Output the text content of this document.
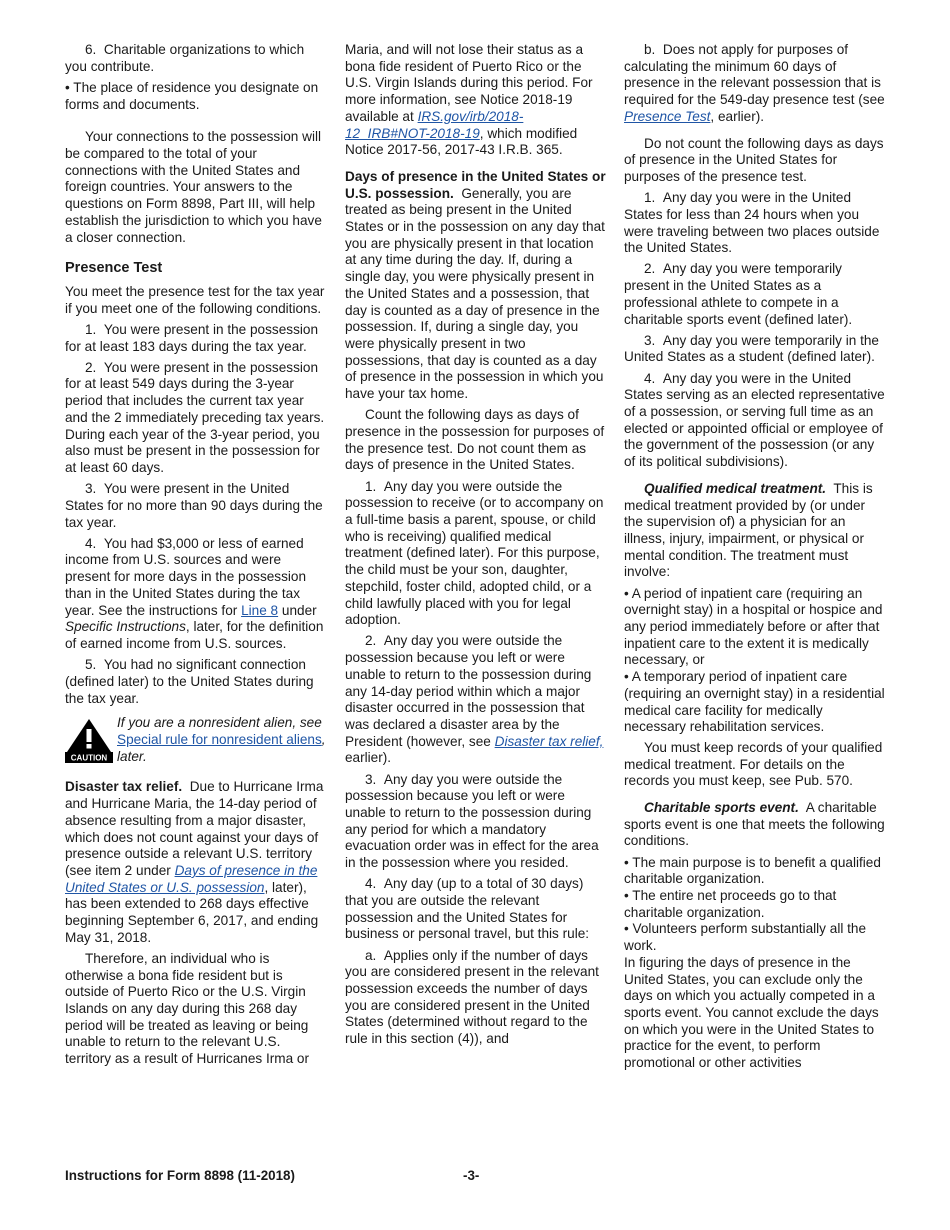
6.  Charitable organizations to which you contribute.

• The place of residence you designate on forms and documents.

Your connections to the possession will be compared to the total of your connections with the United States and foreign countries. Your answers to the questions on Form 8898, Part III, will help establish the jurisdiction to which you have a closer connection.

Presence Test

You meet the presence test for the tax year if you meet one of the following conditions.

1.  You were present in the possession for at least 183 days during the tax year.

2.  You were present in the possession for at least 549 days during the 3-year period that includes the current tax year and the 2 immediately preceding tax years. During each year of the 3-year period, you also must be present in the possession for at least 60 days.

3.  You were present in the United States for no more than 90 days during the tax year.

4.  You had $3,000 or less of earned income from U.S. sources and were present for more days in the possession than in the United States during the tax year. See the instructions for Line 8 under Specific Instructions, later, for the definition of earned income from U.S. sources.

5.  You had no significant connection (defined later) to the United States during the tax year.

CAUTION
If you are a nonresident alien, see Special rule for nonresident aliens, later.

Disaster tax relief. Due to Hurricane Irma and Hurricane Maria, the 14-day period of absence resulting from a major disaster, which does not count against your days of presence outside a relevant U.S. territory (see item 2 under Days of presence in the United States or U.S. possession, later), has been extended to 268 days effective beginning September 6, 2017, and ending May 31, 2018.

Therefore, an individual who is otherwise a bona fide resident but is outside of Puerto Rico or the U.S. Virgin Islands on any day during this 268 day period will be treated as leaving or being unable to return to the relevant U.S. territory as a result of Hurricanes Irma or

Maria, and will not lose their status as a bona fide resident of Puerto Rico or the U.S. Virgin Islands during this period. For more information, see Notice 2018-19 available at IRS.gov/irb/2018-12_IRB#NOT-2018-19, which modified Notice 2017-56, 2017-43 I.R.B. 365.

Days of presence in the United States or U.S. possession. Generally, you are treated as being present in the United States or in the possession on any day that you are physically present in that location at any time during the day. If, during a single day, you were physically present in the United States and a possession, that day is counted as a day of presence in the possession. If, during a single day, you were physically present in two possessions, that day is counted as a day of presence in the possession in which you have your tax home.

Count the following days as days of presence in the possession for purposes of the presence test. Do not count them as days of presence in the United States.

1.  Any day you were outside the possession to receive (or to accompany on a full-time basis a parent, spouse, or child who is receiving) qualified medical treatment (defined later). For this purpose, the child must be your son, daughter, stepchild, foster child, adopted child, or a child lawfully placed with you for legal adoption.

2.  Any day you were outside the possession because you left or were unable to return to the possession during any 14-day period within which a major disaster occurred in the possession that was declared a disaster area by the President (however, see Disaster tax relief, earlier).

3.  Any day you were outside the possession because you left or were unable to return to the possession during any period for which a mandatory evacuation order was in effect for the area in the possession where you resided.

4.  Any day (up to a total of 30 days) that you are outside the relevant possession and the United States for business or personal travel, but this rule:

a.  Applies only if the number of days you are considered present in the relevant possession exceeds the number of days you are considered present in the United States (determined without regard to the rule in this section (4)), and

b.  Does not apply for purposes of calculating the minimum 60 days of presence in the relevant possession that is required for the 549-day presence test (see Presence Test, earlier).

Do not count the following days as days of presence in the United States for purposes of the presence test.

1.  Any day you were in the United States for less than 24 hours when you were traveling between two places outside the United States.

2.  Any day you were temporarily present in the United States as a professional athlete to compete in a charitable sports event (defined later).

3.  Any day you were temporarily in the United States as a student (defined later).

4.  Any day you were in the United States serving as an elected representative of a possession, or serving full time as an elected or appointed official or employee of the government of the possession (or any of its political subdivisions).

Qualified medical treatment. This is medical treatment provided by (or under the supervision of) a physician for an illness, injury, impairment, or physical or mental condition. The treatment must involve:

• A period of inpatient care (requiring an overnight stay) in a hospital or hospice and any period immediately before or after that inpatient care to the extent it is medically necessary, or

• A temporary period of inpatient care (requiring an overnight stay) in a residential medical care facility for medically necessary rehabilitation services.

You must keep records of your qualified medical treatment. For details on the records you must keep, see Pub. 570.

Charitable sports event. A charitable sports event is one that meets the following conditions.

• The main purpose is to benefit a qualified charitable organization.

• The entire net proceeds go to that charitable organization.

• Volunteers perform substantially all the work.

In figuring the days of presence in the United States, you can exclude only the days on which you actually competed in a sports event. You cannot exclude the days on which you were in the United States to practice for the event, to perform promotional or other activities

Instructions for Form 8898 (11-2018)	-3-
